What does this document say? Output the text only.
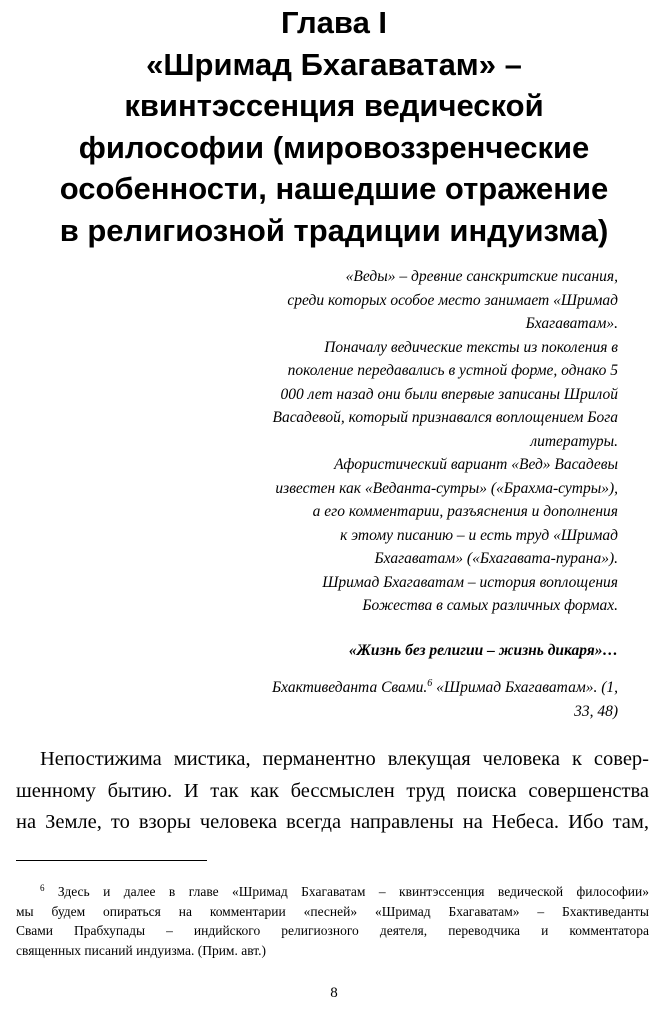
Глава I
«Шримад Бхагаватам» –
квинтэссенция ведической
философии (мировоззренческие
особенности, нашедшие отражение
в религиозной традиции индуизма)
«Веды» – древние санскритские писания,
среди которых особое место занимает «Шримад
Бхагаватам».
Поначалу ведические тексты из поколения в
поколение передавались в устной форме, однако 5
000 лет назад они были впервые записаны Шрилой
Васадевой, который признавался воплощением Бога
литературы.
Афористический вариант «Вед» Васадевы
известен как «Веданта-сутры» («Брахма-сутры»),
а его комментарии, разъяснения и дополнения
к этому писанию – и есть труд «Шримад
Бхагаватам» («Бхагавата-пурана»).
Шримад Бхагаватам – история воплощения
Божества в самых различных формах.
«Жизнь без религии – жизнь дикаря»…
Бхактиведанта Свами.$^6$ «Шримад Бхагаватам». (1,
33, 48)
Непостижима мистика, перманентно влекущая человека к совер-
шенному бытию. И так как бессмыслен труд поиска совершенства
на Земле, то взоры человека всегда направлены на Небеса. Ибо там,
$^6$ Здесь и далее в главе «Шримад Бхагаватам – квинтэссенция ведической философии»
мы будем опираться на комментарии «песней» «Шримад Бхагаватам» – Бхактиведанты
Свами Прабхупады – индийского религиозного деятеля, переводчика и комментатора
священных писаний индуизма. (Прим. авт.)
8
